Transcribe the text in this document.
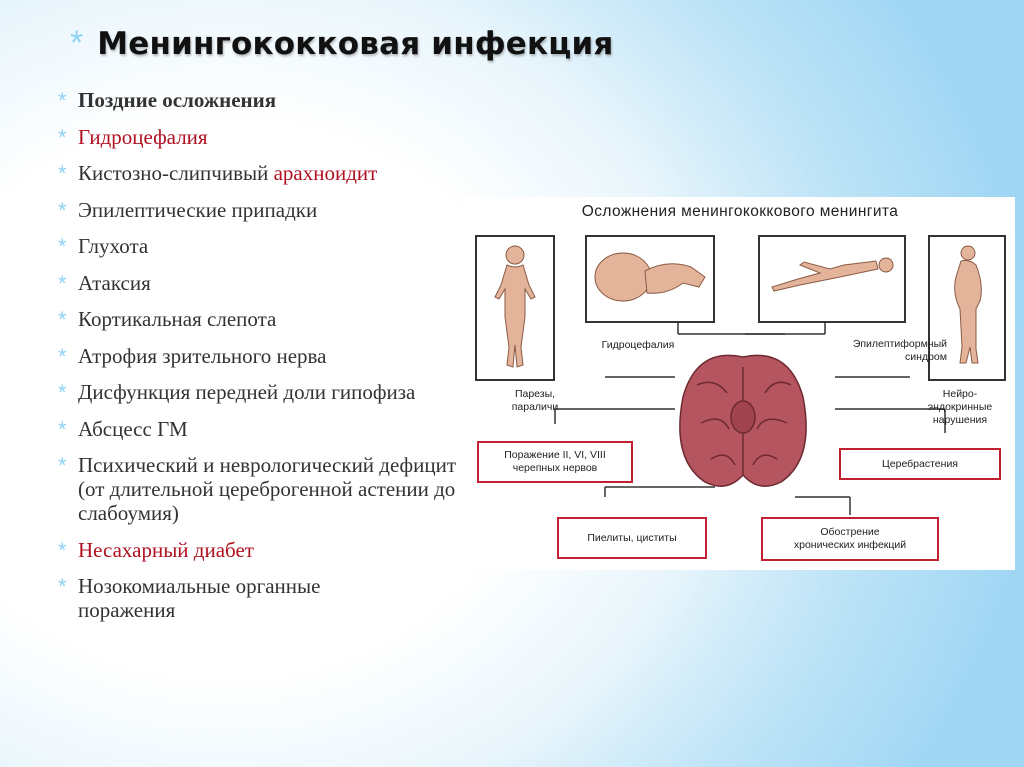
* Менингококковая инфекция
* Поздние осложнения
* Гидроцефалия
* Кистозно-слипчивый арахноидит
* Эпилептические припадки
* Глухота
* Атаксия
* Кортикальная слепота
* Атрофия зрительного нерва
* Дисфункция передней доли гипофиза
* Абсцесс ГМ
* Психический и неврологический дефицит (от длительной цереброгенной астении до слабоумия)
* Несахарный диабет
* Нозокомиальные органные поражения
Осложнения менингококкового менингита
Парезы,
параличи
Гидроцефалия	Эпилептиформный
синдром
Нейро-
эндокринные
нарушения
Поражение II, VI, VIII
черепных нервов	Церебрастения
Пиелиты, циститы	Обострение
хронических инфекций
